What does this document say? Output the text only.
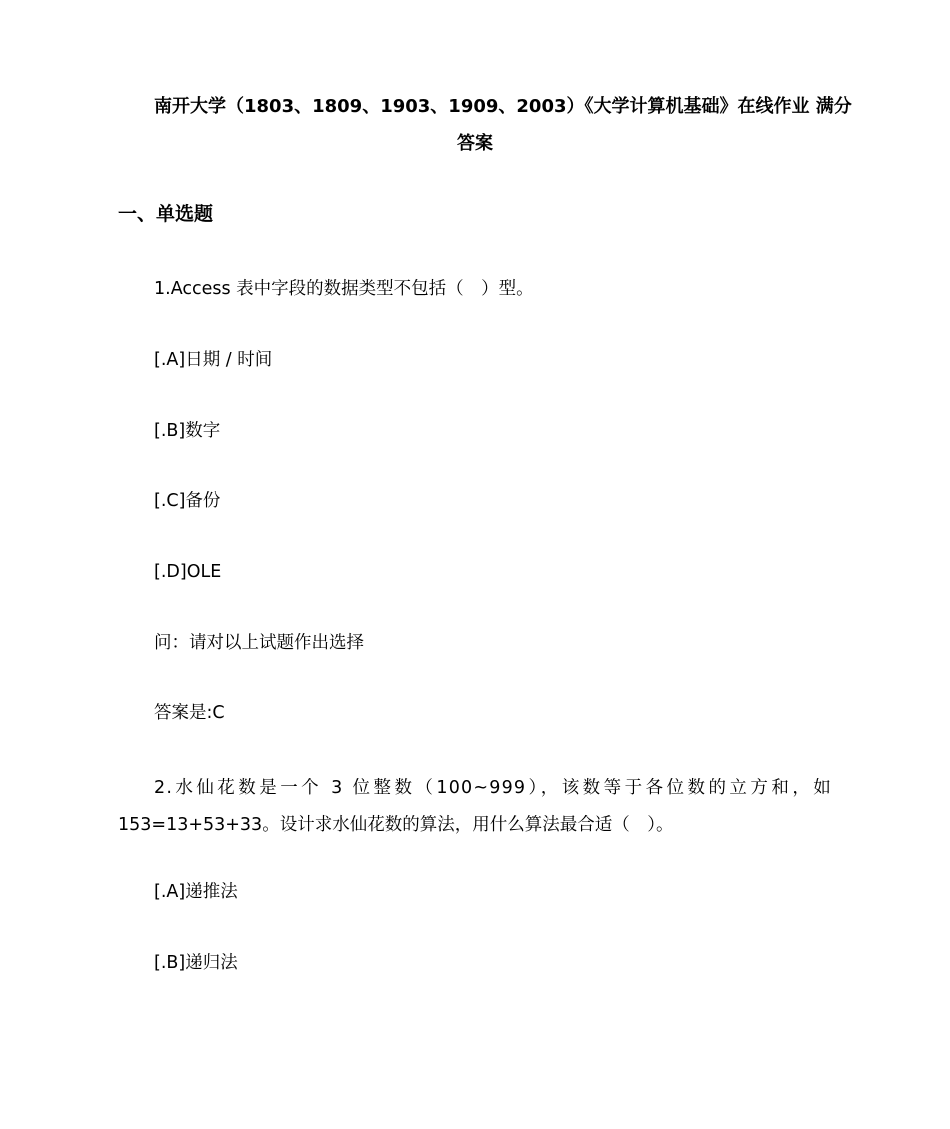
南开大学（1803、1809、1903、1909、2003）《大学计算机基础》在线作业 满分
答案
一、单选题
1.Access 表中字段的数据类型不包括（　）型。
[.A]日期 / 时间
[.B]数字
[.C]备份
[.D]OLE
问：请对以上试题作出选择
答案是:C
2.水仙花数是一个 3 位整数（100~999），该数等于各位数的立方和，如
153=13+53+33。设计求水仙花数的算法，用什么算法最合适（　）。
[.A]递推法
[.B]递归法
